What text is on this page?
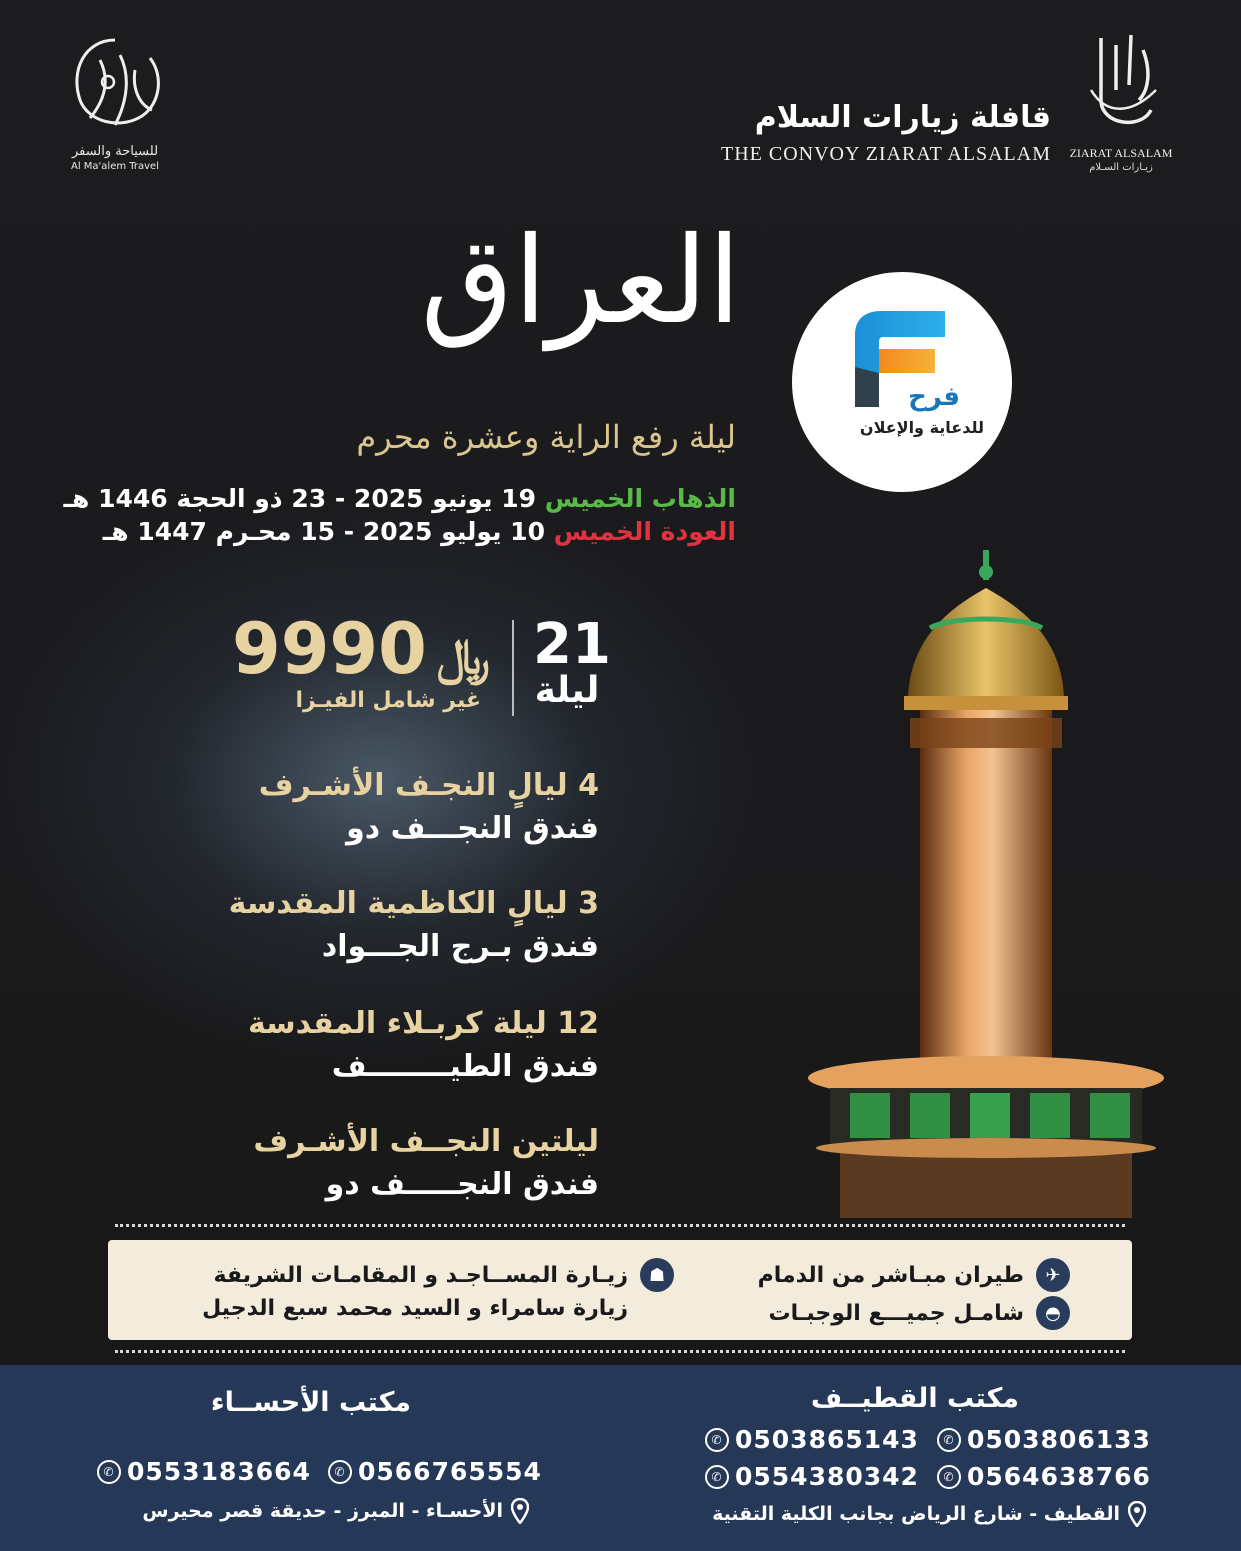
للسياحة والسفر
Al Ma'alem Travel
قافلة زيارات السلام
THE CONVOY ZIARAT ALSALAM	ZIARAT ALSALAM
زيـارات السـلام
العراق
ليلة رفع الراية وعشرة محرم
الذهاب الخميس 19 يونيو 2025 - 23 ذو الحجة 1446 هـ
العودة الخميس 10 يوليو 2025 - 15 محـرم 1447 هـ
فرح
للدعاية والإعلان
21
ليلة
9990 ﷼
غير شامل الفيـزا
4 ليالٍ النجـف الأشـرف
فندق النجـــف دو
3 ليالٍ الكاظمية المقدسة
فندق بـرج الجـــواد
12 ليلة كربـلاء المقدسة
فندق الطيــــــــف
ليلتين النجــف الأشـرف
فندق النجـــــف دو
✈
طيران مبـاشر من الدمام
◓
شامـل جميـــع الوجبـات
☗
زيـارة المســاجـد و المقامـات الشريفة
زيارة سامراء و السيد محمد سبع الدجيل
مكتب القطيــف
مكتب الأحســاء
✆ 0503806133
✆ 0503865143
✆ 0564638766
✆ 0554380342
✆ 0566765554
✆ 0553183664
القطيف - شارع الرياض بجانب الكلية التقنية
الأحسـاء - المبرز - حديقة قصر محيرس
